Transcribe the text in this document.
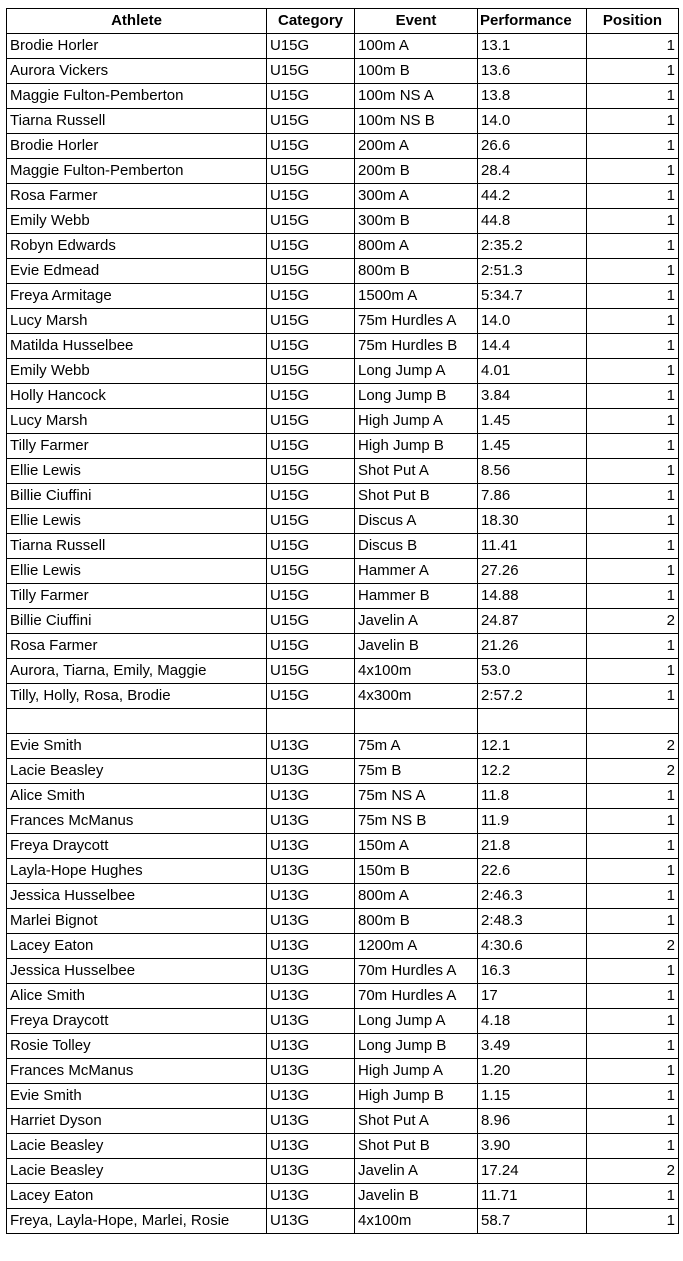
Athlete	Category	Event	Performance	Position
Brodie Horler	U15G	100m A	13.1	1
Aurora Vickers	U15G	100m B	13.6	1
Maggie Fulton-Pemberton	U15G	100m NS A	13.8	1
Tiarna Russell	U15G	100m NS B	14.0	1
Brodie Horler	U15G	200m A	26.6	1
Maggie Fulton-Pemberton	U15G	200m B	28.4	1
Rosa Farmer	U15G	300m A	44.2	1
Emily Webb	U15G	300m B	44.8	1
Robyn Edwards	U15G	800m A	2:35.2	1
Evie Edmead	U15G	800m B	2:51.3	1
Freya Armitage	U15G	1500m A	5:34.7	1
Lucy Marsh	U15G	75m Hurdles A	14.0	1
Matilda Husselbee	U15G	75m Hurdles B	14.4	1
Emily Webb	U15G	Long Jump A	4.01	1
Holly Hancock	U15G	Long Jump B	3.84	1
Lucy Marsh	U15G	High Jump A	1.45	1
Tilly Farmer	U15G	High Jump B	1.45	1
Ellie Lewis	U15G	Shot Put A	8.56	1
Billie Ciuffini	U15G	Shot Put B	7.86	1
Ellie Lewis	U15G	Discus A	18.30	1
Tiarna Russell	U15G	Discus B	11.41	1
Ellie Lewis	U15G	Hammer A	27.26	1
Tilly Farmer	U15G	Hammer B	14.88	1
Billie Ciuffini	U15G	Javelin A	24.87	2
Rosa Farmer	U15G	Javelin B	21.26	1
Aurora, Tiarna, Emily, Maggie	U15G	4x100m	53.0	1
Tilly, Holly, Rosa, Brodie	U15G	4x300m	2:57.2	1

Evie Smith	U13G	75m A	12.1	2
Lacie Beasley	U13G	75m B	12.2	2
Alice Smith	U13G	75m NS A	11.8	1
Frances McManus	U13G	75m NS B	11.9	1
Freya Draycott	U13G	150m A	21.8	1
Layla-Hope Hughes	U13G	150m B	22.6	1
Jessica Husselbee	U13G	800m A	2:46.3	1
Marlei Bignot	U13G	800m B	2:48.3	1
Lacey Eaton	U13G	1200m A	4:30.6	2
Jessica Husselbee	U13G	70m Hurdles A	16.3	1
Alice Smith	U13G	70m Hurdles A	17	1
Freya Draycott	U13G	Long Jump A	4.18	1
Rosie Tolley	U13G	Long Jump B	3.49	1
Frances McManus	U13G	High Jump A	1.20	1
Evie Smith	U13G	High Jump B	1.15	1
Harriet Dyson	U13G	Shot Put A	8.96	1
Lacie Beasley	U13G	Shot Put B	3.90	1
Lacie Beasley	U13G	Javelin A	17.24	2
Lacey Eaton	U13G	Javelin B	11.71	1
Freya, Layla-Hope, Marlei, Rosie	U13G	4x100m	58.7	1
